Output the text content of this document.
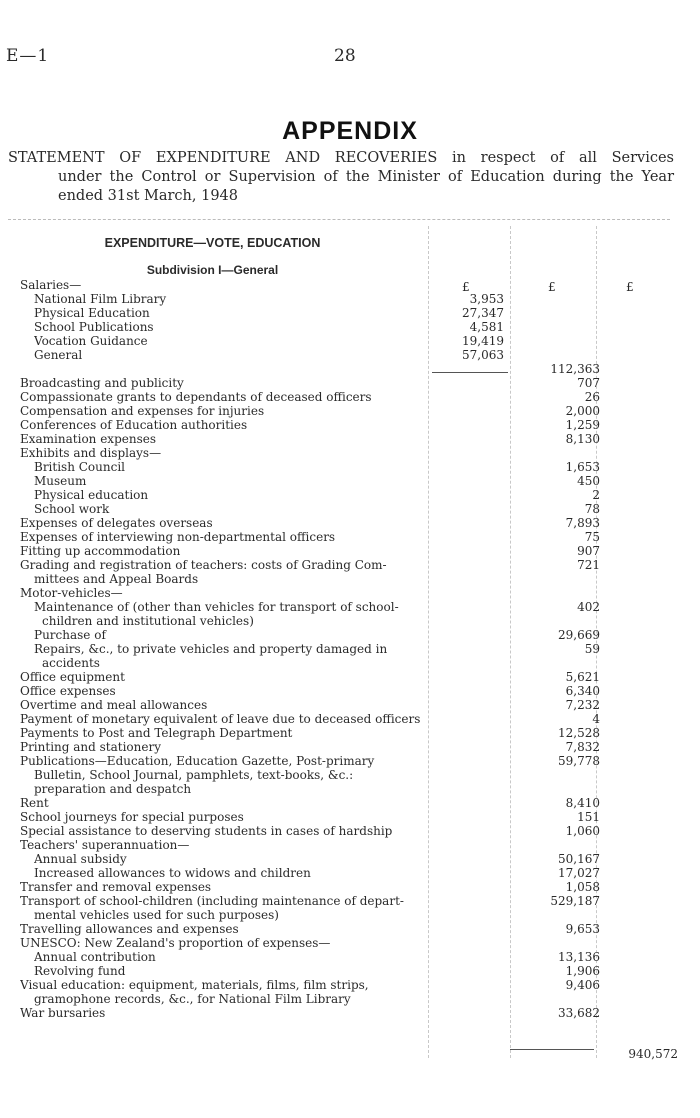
E—1	28
APPENDIX
STATEMENT OF EXPENDITURE AND RECOVERIES in respect of all Services
under the Control or Supervision of the Minister of Education during the Year
ended 31st March, 1948
EXPENDITURE—VOTE, EDUCATION
Subdivision I—General
£	£	£
Salaries—
National Film Library	3,953
Physical Education	27,347
School Publications	4,581
Vocation Guidance	19,419
General	57,063
112,363
Broadcasting and publicity	707
Compassionate grants to dependants of deceased officers	26
Compensation and expenses for injuries	2,000
Conferences of Education authorities	1,259
Examination expenses	8,130
Exhibits and displays—
British Council	1,653
Museum	450
Physical education	2
School work	78
Expenses of delegates overseas	7,893
Expenses of interviewing non-departmental officers	75
Fitting up accommodation	907
Grading and registration of teachers: costs of Grading Com-	721
mittees and Appeal Boards
Motor-vehicles—
Maintenance of (other than vehicles for transport of school-	402
children and institutional vehicles)
Purchase of	29,669
Repairs, &c., to private vehicles and property damaged in	59
accidents
Office equipment	5,621
Office expenses	6,340
Overtime and meal allowances	7,232
Payment of monetary equivalent of leave due to deceased officers	4
Payments to Post and Telegraph Department	12,528
Printing and stationery	7,832
Publications—Education, Education Gazette, Post-primary	59,778
Bulletin, School Journal, pamphlets, text-books, &c.:
preparation and despatch
Rent	8,410
School journeys for special purposes	151
Special assistance to deserving students in cases of hardship	1,060
Teachers' superannuation—
Annual subsidy	50,167
Increased allowances to widows and children	17,027
Transfer and removal expenses	1,058
Transport of school-children (including maintenance of depart-	529,187
mental vehicles used for such purposes)
Travelling allowances and expenses	9,653
UNESCO: New Zealand's proportion of expenses—
Annual contribution	13,136
Revolving fund	1,906
Visual education: equipment, materials, films, film strips,	9,406
gramophone records, &c., for National Film Library
War bursaries	33,682
940,572
